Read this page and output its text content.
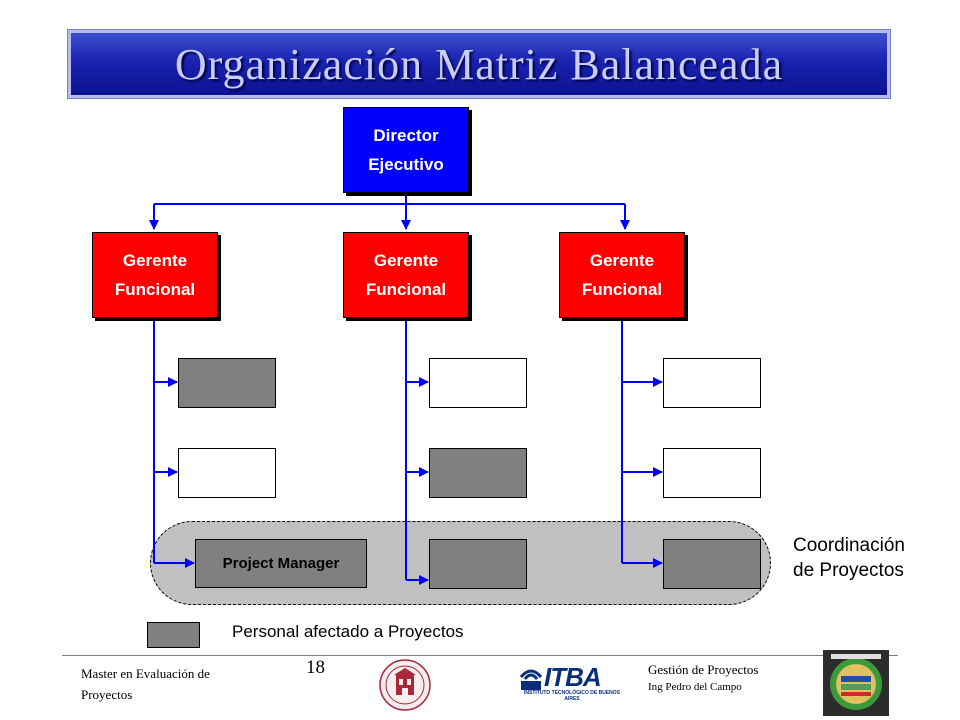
Organización Matriz Balanceada
Director
Ejecutivo
Gerente
Funcional
Gerente
Funcional
Gerente
Funcional
Project Manager
Coordinación
de Proyectos
Personal afectado a Proyectos
Master en Evaluación de
Proyectos
18	ITBA
INSTITUTO TECNOLÓGICO DE BUENOS AIRES
Gestión de Proyectos
Ing Pedro del Campo
